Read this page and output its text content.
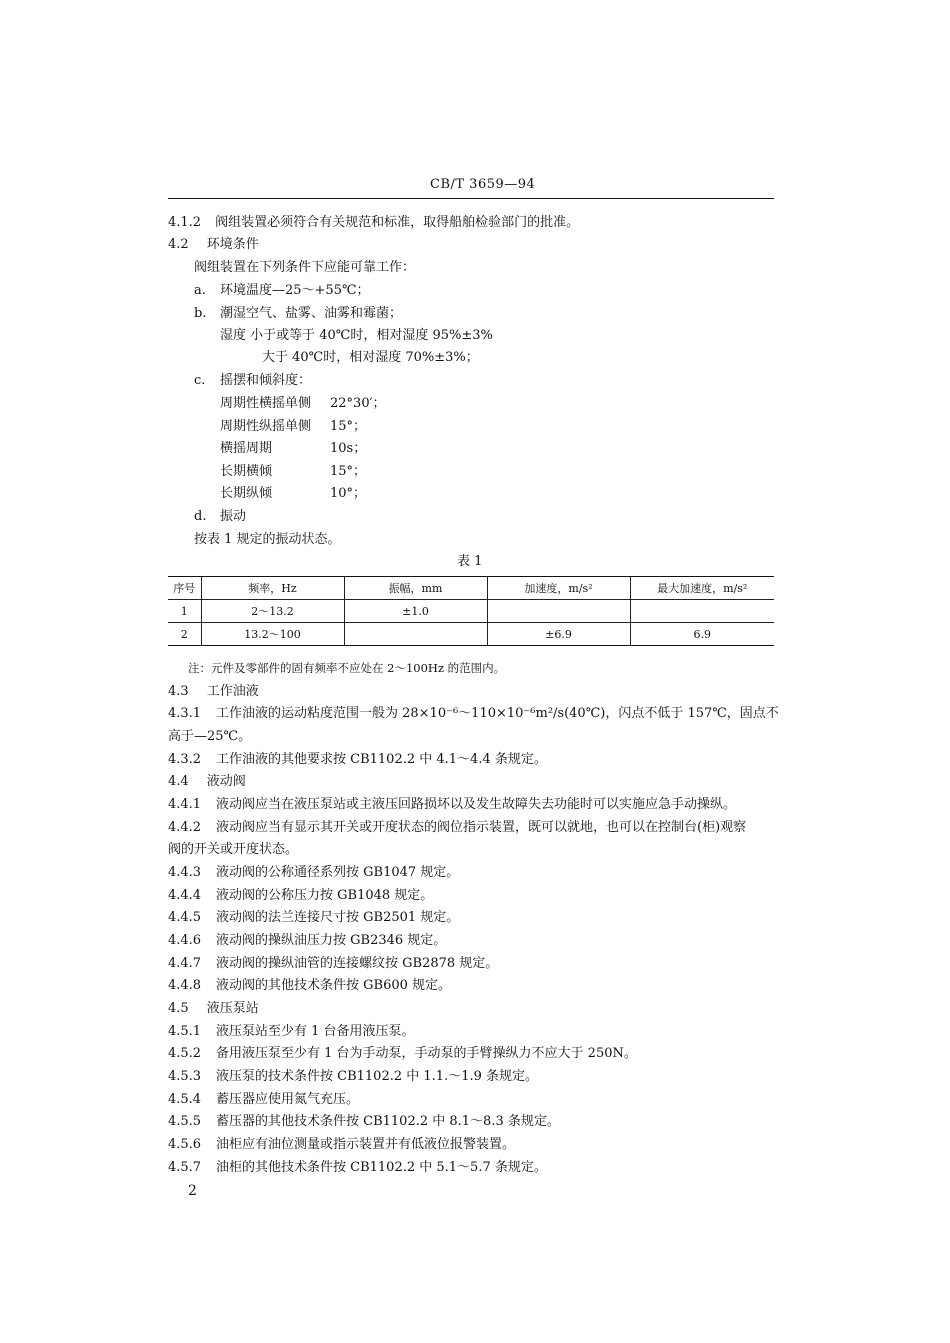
CB/T 3659—94
4.1.2 阀组装置必须符合有关规范和标准，取得船舶检验部门的批准。
4.2 环境条件
阀组装置在下列条件下应能可靠工作：
a. 环境温度—25～+55℃；
b. 潮湿空气、盐雾、油雾和霉菌；
湿度 小于或等于 40℃时，相对湿度 95%±3%
大于 40℃时，相对湿度 70%±3%；
c. 摇摆和倾斜度：
周期性横摇单侧 22°30′；
周期性纵摇单侧 15°；
横摇周期	10s；
长期横倾	15°；
长期纵倾	10°；
d. 振动
按表 1 规定的振动状态。
表 1
序号	频率，Hz	振幅，mm	加速度，m/s²	最大加速度，m/s²
1	2～13.2	±1.0		
2	13.2～100		±6.9	6.9
注：元件及零部件的固有频率不应处在 2～100Hz 的范围内。
4.3 工作油液
4.3.1 工作油液的运动粘度范围一般为 28×10⁻⁶～110×10⁻⁶m²/s(40℃)，闪点不低于 157℃，固点不
高于—25℃。
4.3.2 工作油液的其他要求按 CB1102.2 中 4.1～4.4 条规定。
4.4 液动阀
4.4.1 液动阀应当在液压泵站或主液压回路损坏以及发生故障失去功能时可以实施应急手动操纵。
4.4.2 液动阀应当有显示其开关或开度状态的阀位指示装置，既可以就地，也可以在控制台(柜)观察
阀的开关或开度状态。
4.4.3 液动阀的公称通径系列按 GB1047 规定。
4.4.4 液动阀的公称压力按 GB1048 规定。
4.4.5 液动阀的法兰连接尺寸按 GB2501 规定。
4.4.6 液动阀的操纵油压力按 GB2346 规定。
4.4.7 液动阀的操纵油管的连接螺纹按 GB2878 规定。
4.4.8 液动阀的其他技术条件按 GB600 规定。
4.5 液压泵站
4.5.1 液压泵站至少有 1 台备用液压泵。
4.5.2 备用液压泵至少有 1 台为手动泵，手动泵的手臂操纵力不应大于 250N。
4.5.3 液压泵的技术条件按 CB1102.2 中 1.1.～1.9 条规定。
4.5.4 蓄压器应使用氮气充压。
4.5.5 蓄压器的其他技术条件按 CB1102.2 中 8.1～8.3 条规定。
4.5.6 油柜应有油位测量或指示装置并有低液位报警装置。
4.5.7 油柜的其他技术条件按 CB1102.2 中 5.1～5.7 条规定。
2
